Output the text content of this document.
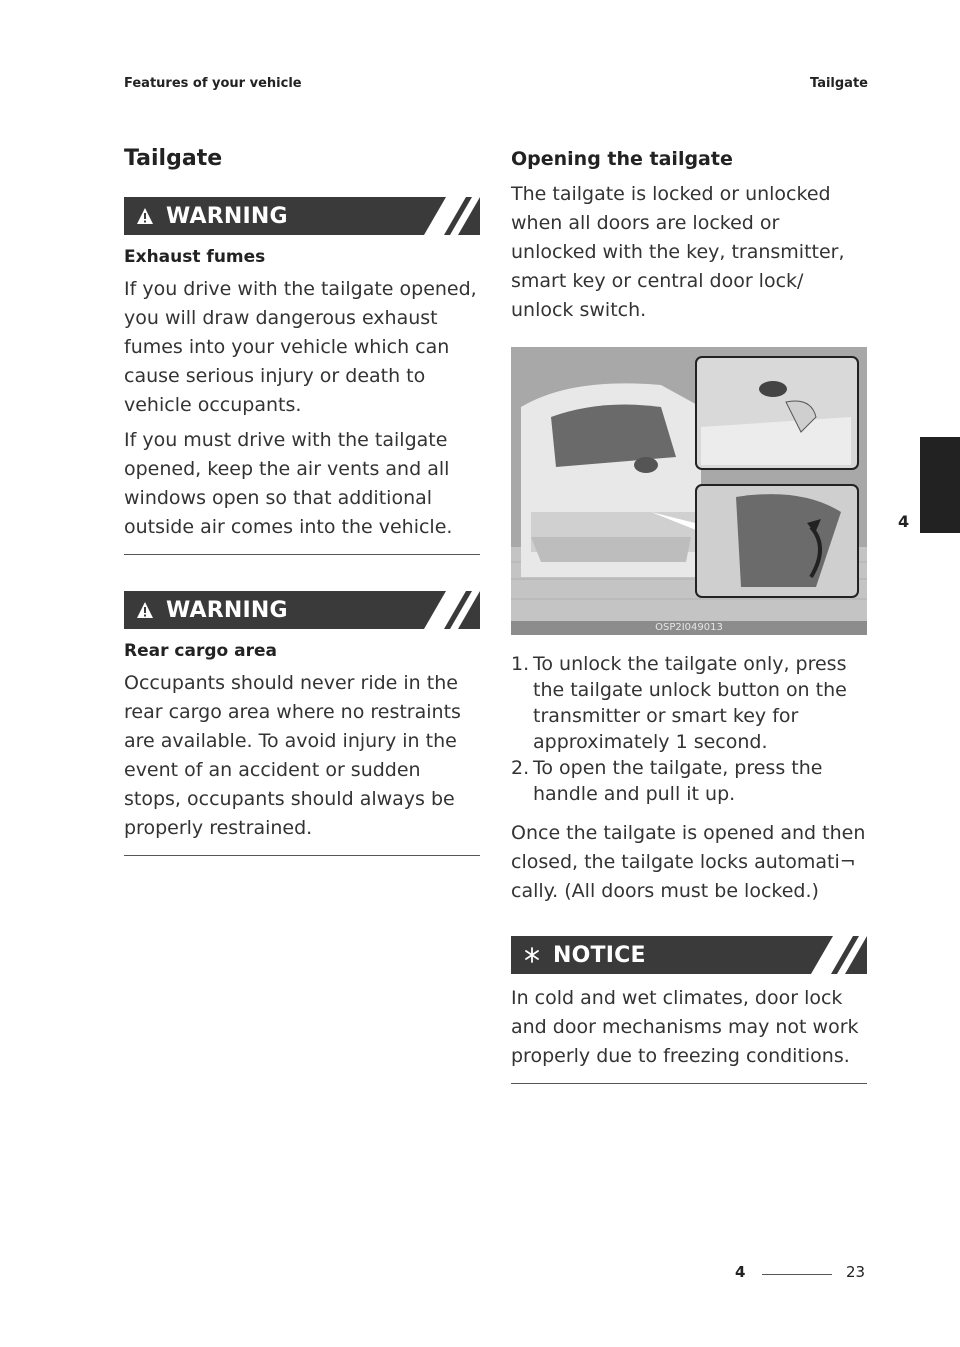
Features of your vehicle	Tailgate
Tailgate
WARNING
Exhaust fumes

If you drive with the tailgate opened, you will draw dangerous exhaust fumes into your vehicle which can cause serious injury or death to vehicle occupants.

If you must drive with the tailgate opened, keep the air vents and all windows open so that additional outside air comes into the vehicle.

WARNING
Rear cargo area

Occupants should never ride in the rear cargo area where no restraints are available. To avoid injury in the event of an accident or sudden stops, occupants should always be properly restrained.

Opening the tailgate

The tailgate is locked or unlocked when all doors are locked or unlocked with the key, transmitter, smart key or central door lock/ unlock switch.

OSP2I049013
1. To unlock the tailgate only, press the tailgate unlock button on the transmitter or smart key for approximately 1 second.
2. To open the tailgate, press the handle and pull it up.

Once the tailgate is opened and then closed, the tailgate locks automati¬ cally. (All doors must be locked.)

NOTICE

In cold and wet climates, door lock and door mechanisms may not work properly due to freezing conditions.

4
4	23
